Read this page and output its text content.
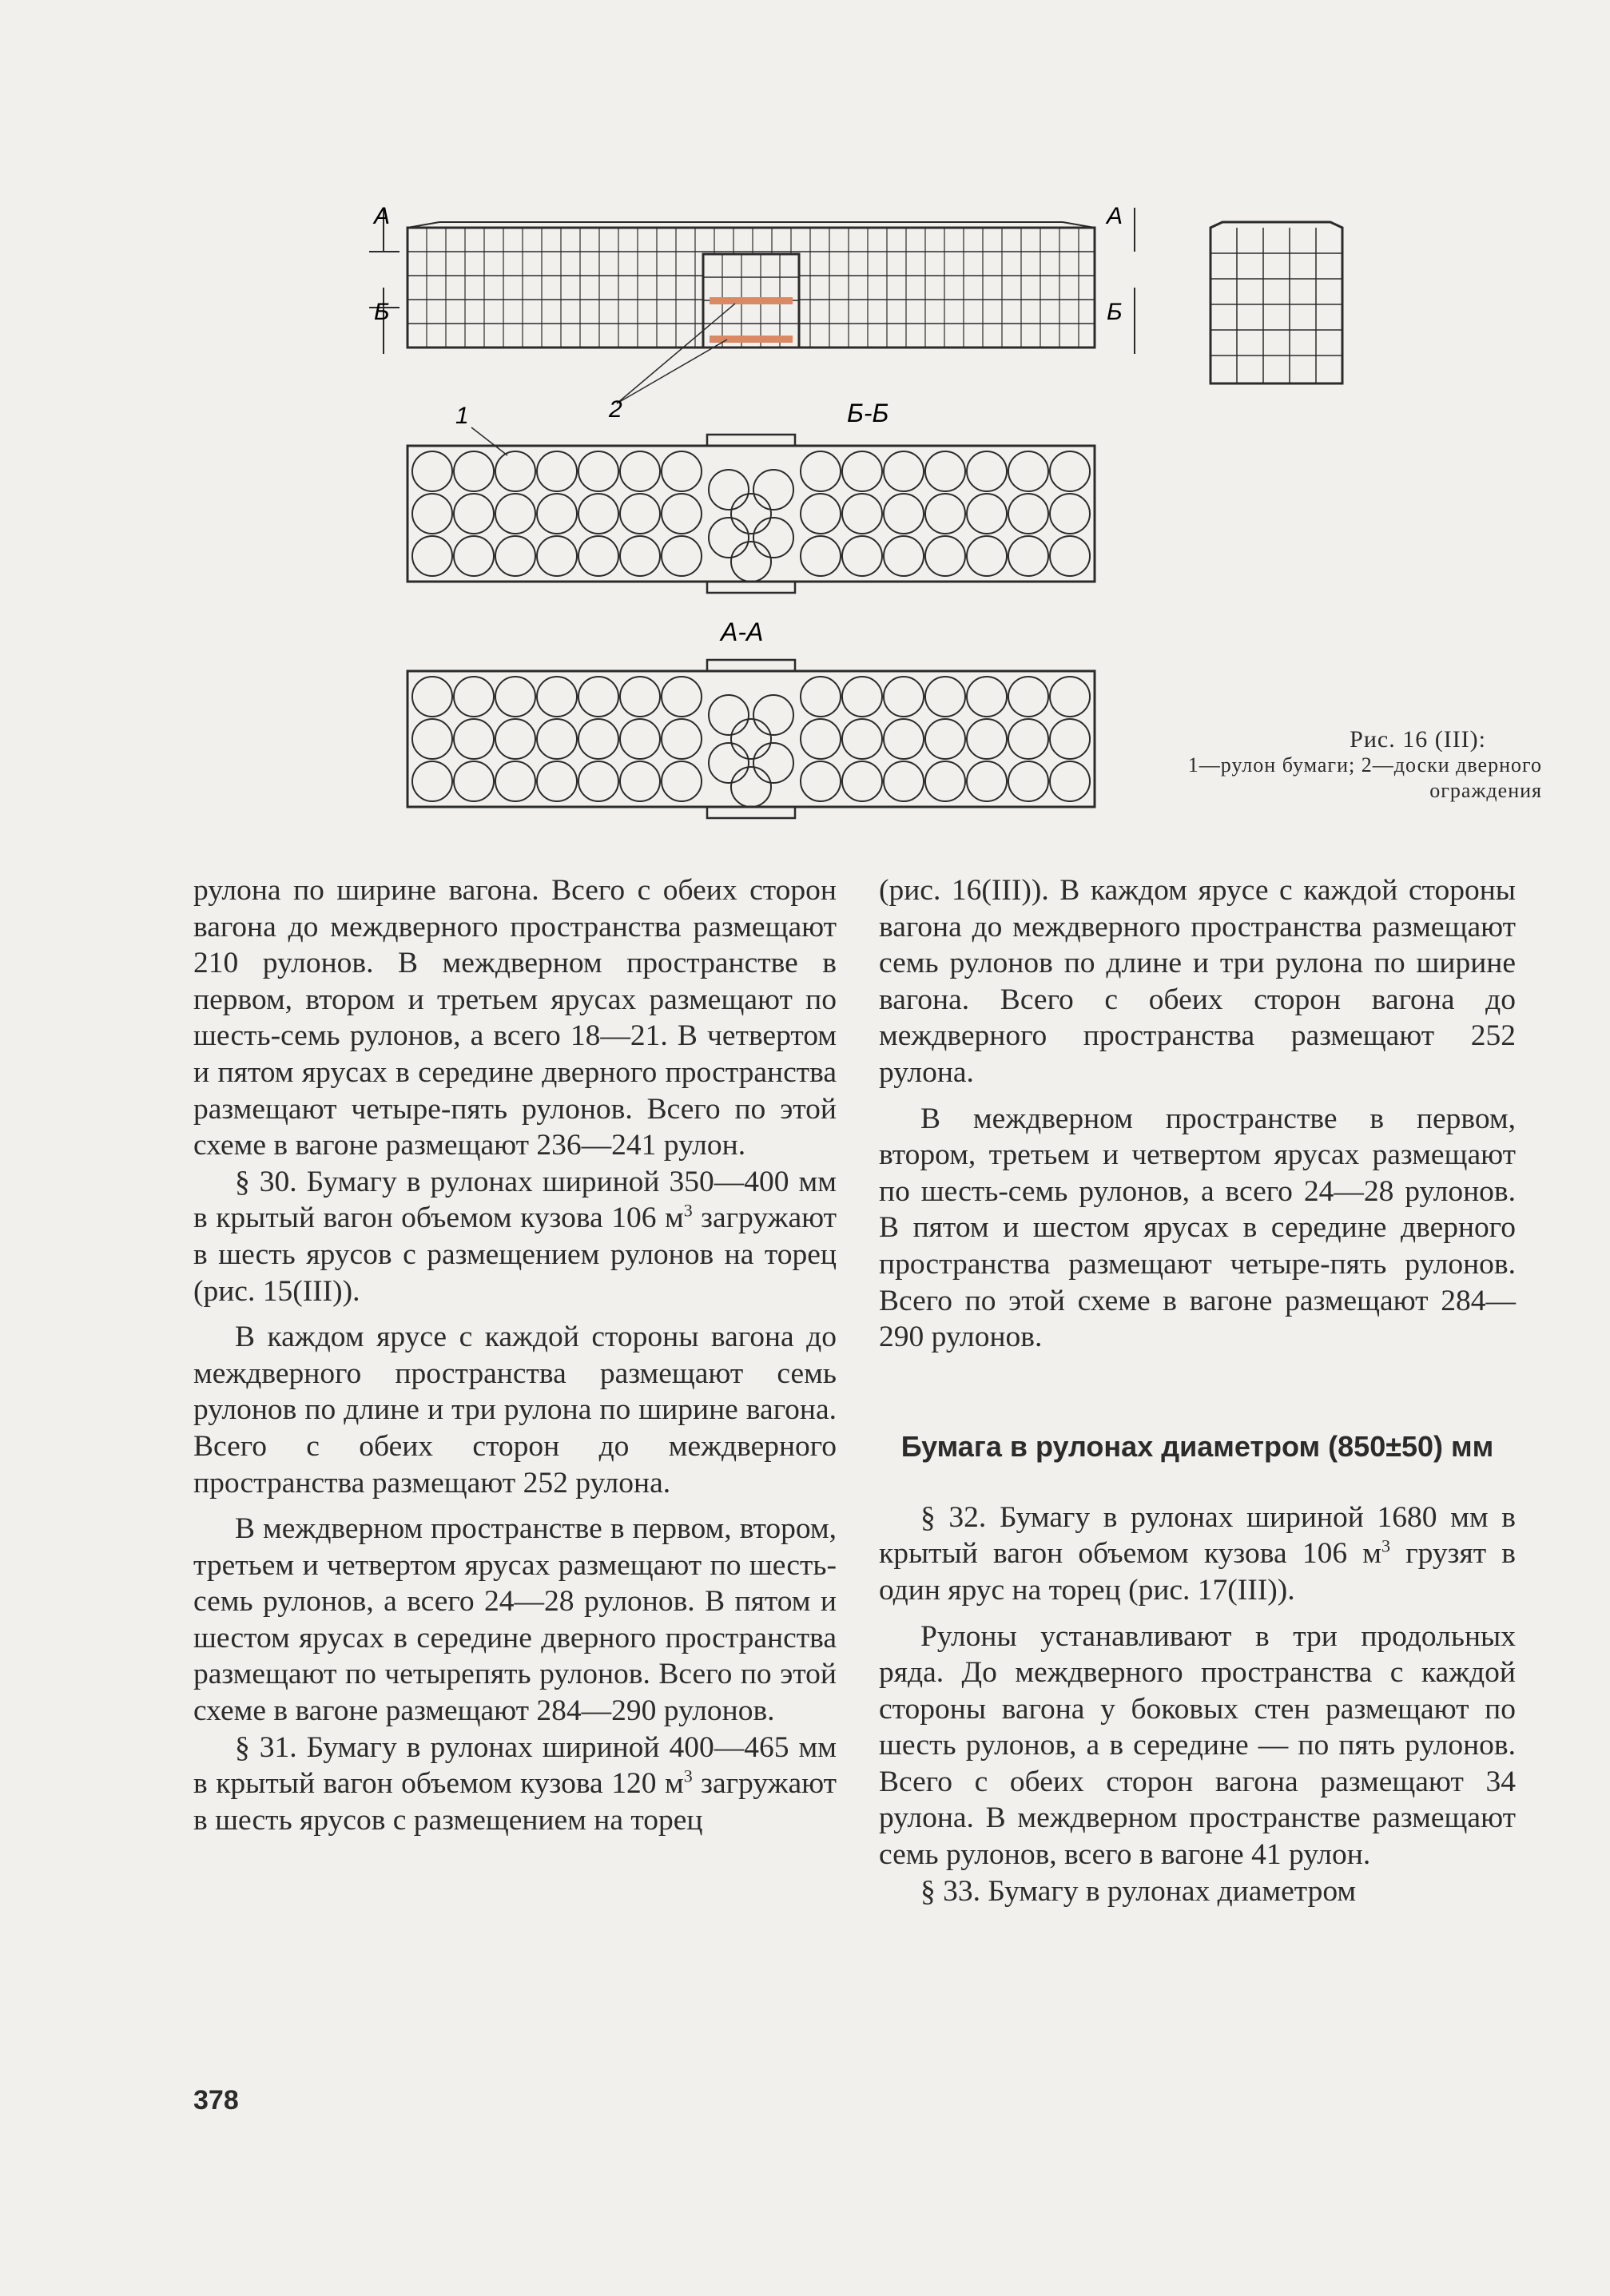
А
Б
А
Б
1	2	Б-Б
А-А
Рис. 16 (III):
1—рулон бумаги; 2—доски дверного ограждения

рулона по ширине вагона. Всего с обеих сторон вагона до междверного пространства размещают 210 рулонов. В междверном пространстве в первом, втором и третьем ярусах размещают по шесть-семь рулонов, а всего 18—21. В четвертом и пятом ярусах в середине дверного пространства размещают четыре-пять рулонов. Всего по этой схеме в вагоне размещают 236—241 рулон.

§ 30. Бумагу в рулонах шириной 350—400 мм в крытый вагон объемом кузова 106 $м^3$ загружают в шесть ярусов с размещением рулонов на торец (рис. 15(III)).

В каждом ярусе с каждой стороны вагона до междверного пространства размещают семь рулонов по длине и три рулона по ширине вагона. Всего с обеих сторон до междверного пространства размещают 252 рулона.

В междверном пространстве в первом, втором, третьем и четвертом ярусах размещают по шесть-семь рулонов, а всего 24—28 рулонов. В пятом и шестом ярусах в середине дверного пространства размещают по четырепять рулонов. Всего по этой схеме в вагоне размещают 284—290 рулонов.

§ 31. Бумагу в рулонах шириной 400—465 мм в крытый вагон объемом кузова 120 $м^3$ загружают в шесть ярусов с размещением на торец

(рис. 16(III)). В каждом ярусе с каждой стороны вагона до междверного пространства размещают семь рулонов по длине и три рулона по ширине вагона. Всего с обеих сторон вагона до междверного пространства размещают 252 рулона.

В междверном пространстве в первом, втором, третьем и четвертом ярусах размещают по шесть-семь рулонов, а всего 24—28 рулонов. В пятом и шестом ярусах в середине дверного пространства размещают четыре-пять рулонов. Всего по этой схеме в вагоне размещают 284—290 рулонов.

Бумага в рулонах диаметром (850±50) мм

§ 32. Бумагу в рулонах шириной 1680 мм в крытый вагон объемом кузова 106 $м^3$ грузят в один ярус на торец (рис. 17(III)).

Рулоны устанавливают в три продольных ряда. До междверного пространства с каждой стороны вагона у боковых стен размещают по шесть рулонов, а в середине — по пять рулонов. Всего с обеих сторон вагона размещают 34 рулона. В междверном пространстве размещают семь рулонов, всего в вагоне 41 рулон.

§ 33. Бумагу в рулонах диаметром

378
